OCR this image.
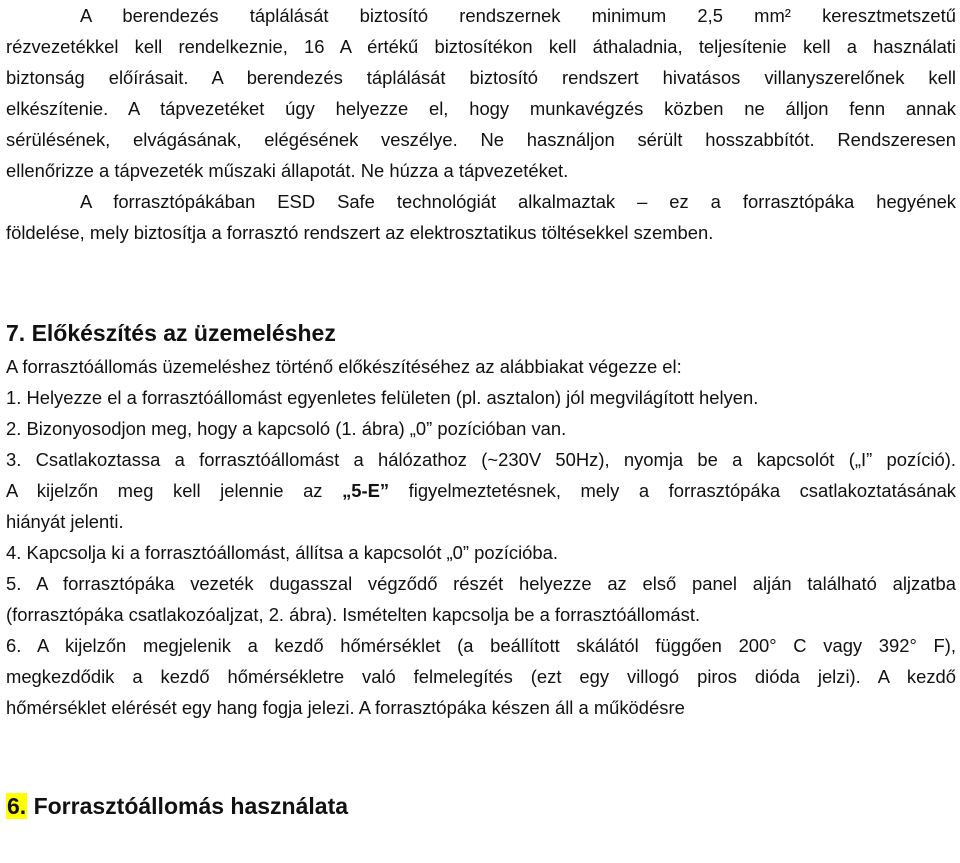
A berendezés táplálását biztosító rendszernek minimum 2,5 mm² keresztmetszetű
rézvezetékkel kell rendelkeznie, 16 A értékű biztosítékon kell áthaladnia, teljesítenie kell a használati
biztonság előírásait. A berendezés táplálását biztosító rendszert hivatásos villanyszerelőnek kell
elkészítenie. A tápvezetéket úgy helyezze el, hogy munkavégzés közben ne álljon fenn annak
sérülésének, elvágásának, elégésének veszélye. Ne használjon sérült hosszabbítót. Rendszeresen
ellenőrizze a tápvezeték műszaki állapotát. Ne húzza a tápvezetéket.
A forrasztópákában ESD Safe technológiát alkalmaztak – ez a forrasztópáka hegyének
földelése, mely biztosítja a forrasztó rendszert az elektrosztatikus töltésekkel szemben.
7. Előkészítés az üzemeléshez
A forrasztóállomás üzemeléshez történő előkészítéséhez az alábbiakat végezze el:
1. Helyezze el a forrasztóállomást egyenletes felületen (pl. asztalon) jól megvilágított helyen.
2. Bizonyosodjon meg, hogy a kapcsoló (1. ábra) „0” pozícióban van.
3. Csatlakoztassa a forrasztóállomást a hálózathoz (~230V 50Hz), nyomja be a kapcsolót („I” pozíció).
A kijelzőn meg kell jelennie az „5-E” figyelmeztetésnek, mely a forrasztópáka csatlakoztatásának
hiányát jelenti.
4. Kapcsolja ki a forrasztóállomást, állítsa a kapcsolót „0” pozícióba.
5. A forrasztópáka vezeték dugasszal végződő részét helyezze az első panel alján található aljzatba
(forrasztópáka csatlakozóaljzat, 2. ábra). Ismételten kapcsolja be a forrasztóállomást.
6. A kijelzőn megjelenik a kezdő hőmérséklet (a beállított skálától függően 200° C vagy 392° F),
megkezdődik a kezdő hőmérsékletre való felmelegítés (ezt egy villogó piros dióda jelzi). A kezdő
hőmérséklet elérését egy hang fogja jelezi. A forrasztópáka készen áll a működésre
6. Forrasztóállomás használata
